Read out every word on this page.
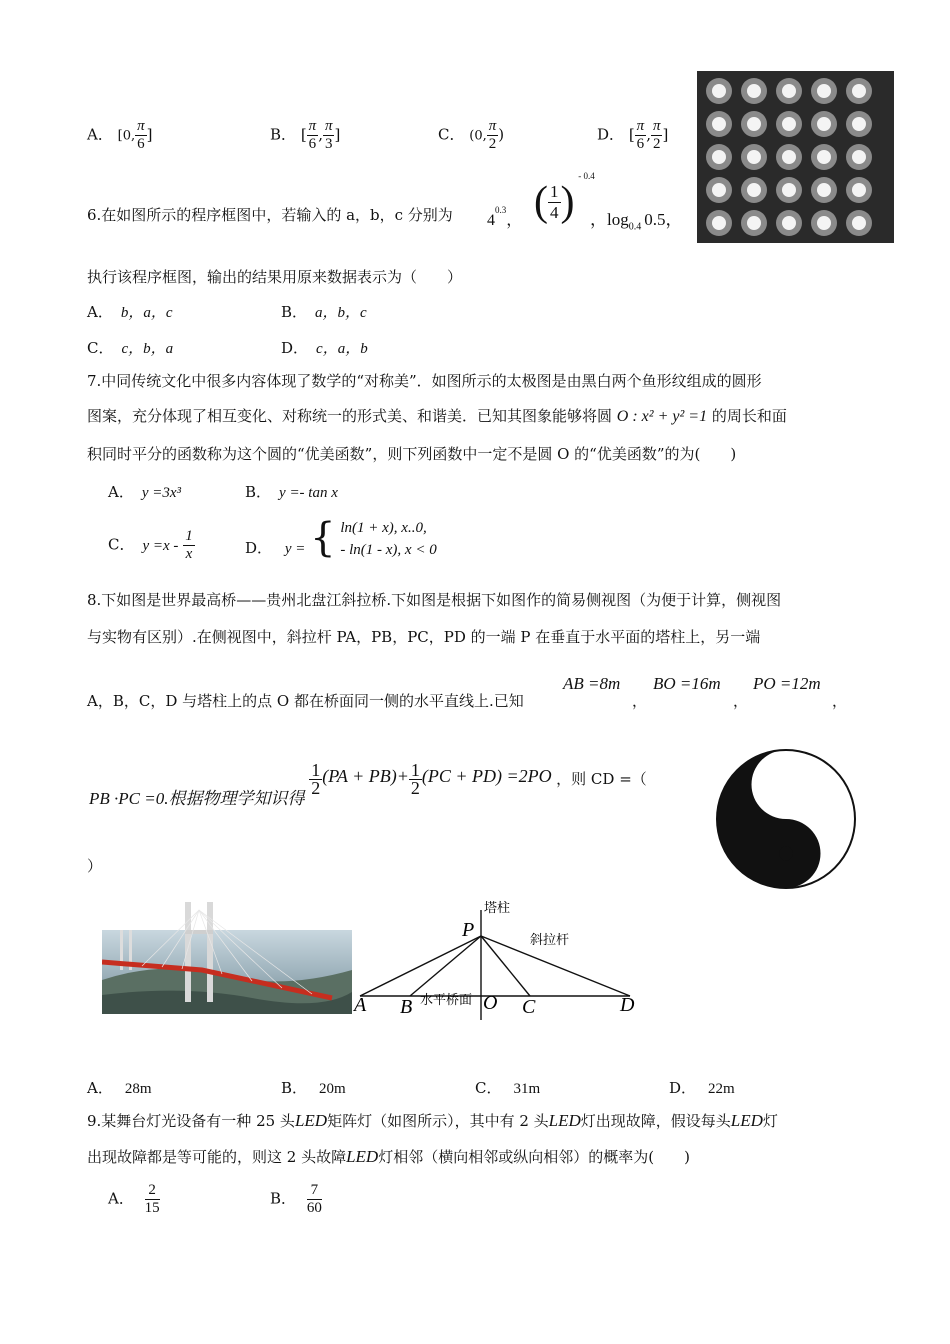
A． [0, $\frac{\pi}{6}$ ]	B． [ $\frac{\pi}{6}$ , $\frac{\pi}{3}$ ]	C． (0, $\frac{\pi}{2}$ )	D． [ $\frac{\pi}{6}$ , $\frac{\pi}{2}$ ]
6.在如图所示的程序框图中，若输入的 a，b，c 分别为 $4^{0.3}$， ( $\frac{1}{4}$ ) $^{- 0.4}$
，$\log_{0.4} 0.5$，
执行该程序框图，输出的结果用原来数据表示为（　　）
A． b，a，c	B． a，b，c
C． c，b，a	D． c，a，b
7.中同传统文化中很多内容体现了数学的“对称美”．如图所示的太极图是由黑白两个鱼形纹组成的圆形
图案，充分体现了相互变化、对称统一的形式美、和谐美．已知其图象能够将圆 O : x² + y² =1 的周长和面
积同时平分的函数称为这个圆的“优美函数”，则下列函数中一定不是圆 O 的“优美函数”的为(　　)
A． y =3x³	B． y =- tan x
C． $y =x - \frac{1}{x}$	D． y = { ln(1 + x), x..0,
- ln(1 - x), x < 0
8.下如图是世界最高桥——贵州北盘江斜拉桥.下如图是根据下如图作的简易侧视图（为便于计算，侧视图
与实物有区别）.在侧视图中，斜拉杆 PA，PB，PC，PD 的一端 P 在垂直于水平面的塔柱上，另一端
A，B，C，D 与塔柱上的点 O 都在桥面同一侧的水平直线上.已知
AB =8m
，
BO =16m
，
PO =12m
，
PB ·PC =0.根据物理学知识得
$\frac{1}{2} (PA + PB)+ \frac{1}{2} (PC + PD) =2PO$ ，则 CD =（
）
塔柱
斜拉杆
水平桥面
P
A B	O C	D
A． 28m	B． 20m	C． 31m	D． 22m
9.某舞台灯光设备有一种 25 头LED矩阵灯（如图所示），其中有 2 头LED灯出现故障，假设每头LED灯
出现故障都是等可能的，则这 2 头故障LED灯相邻（横向相邻或纵向相邻）的概率为(　　)
A． $\frac{2}{15}$	B． $\frac{7}{60}$
